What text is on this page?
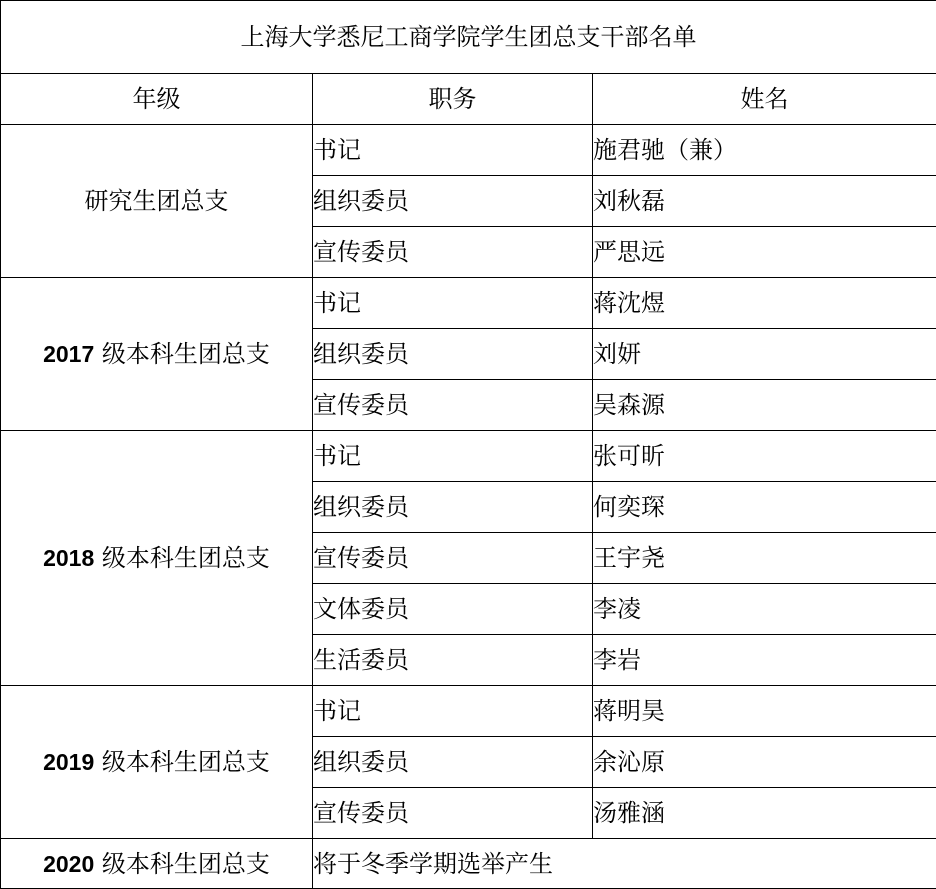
上海大学悉尼工商学院学生团总支干部名单		
年级	职务	姓名
研究生团总支	书记	施君驰（兼）
	组织委员	刘秋磊
	宣传委员	严思远
2017 级本科生团总支	书记	蒋沈煜
	组织委员	刘妍
	宣传委员	吴森源
2018 级本科生团总支	书记	张可昕
	组织委员	何奕琛
	宣传委员	王宇尧
	文体委员	李凌
	生活委员	李岩
2019 级本科生团总支	书记	蒋明昊
	组织委员	余沁原
	宣传委员	汤雅涵
2020 级本科生团总支	将于冬季学期选举产生	
